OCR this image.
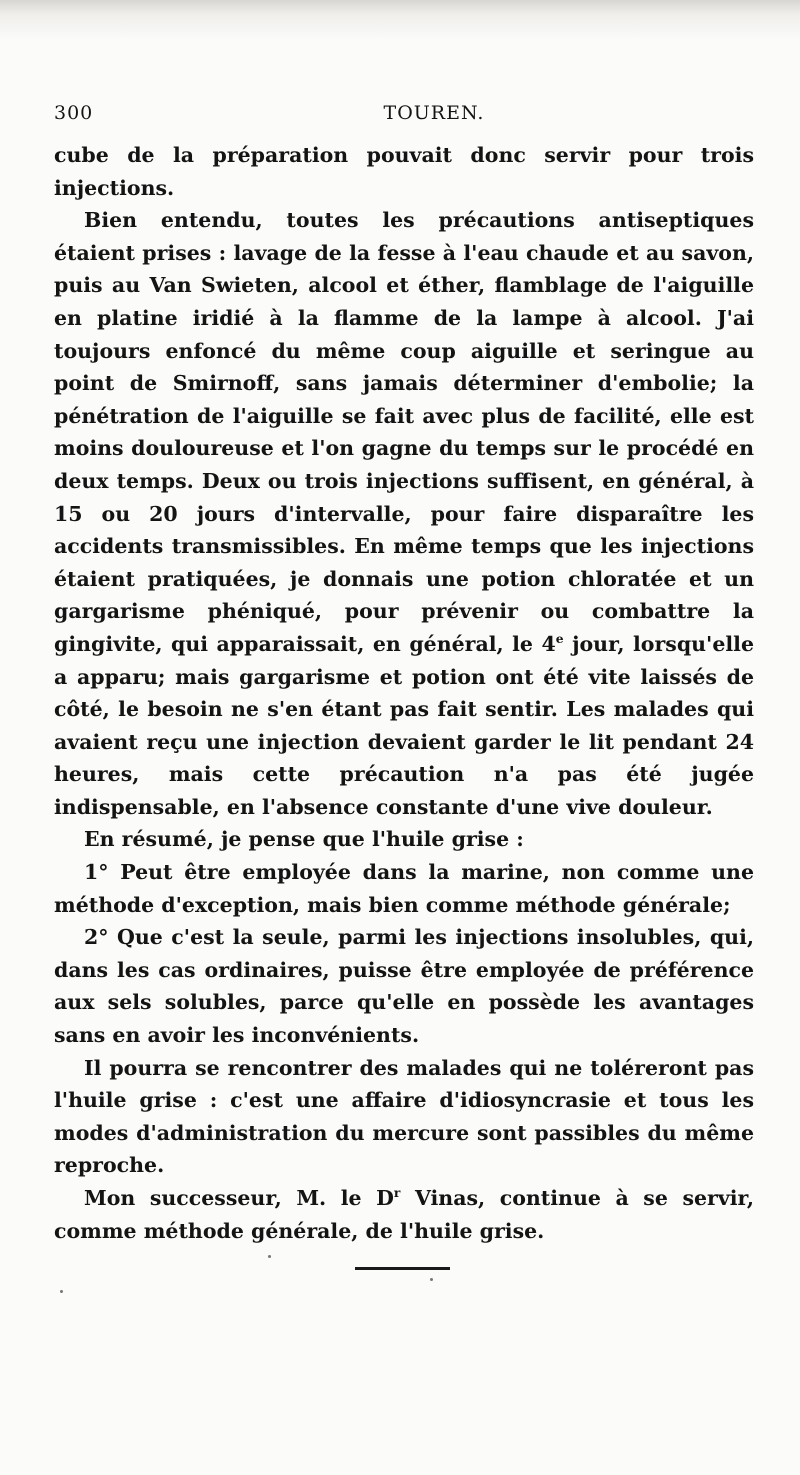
300	TOUREN.

cube de la préparation pouvait donc servir pour trois injections.

Bien entendu, toutes les précautions antiseptiques étaient prises : lavage de la fesse à l'eau chaude et au savon, puis au Van Swieten, alcool et éther, flamblage de l'aiguille en platine iridié à la flamme de la lampe à alcool. J'ai toujours enfoncé du même coup aiguille et seringue au point de Smirnoff, sans jamais déterminer d'embolie; la pénétration de l'aiguille se fait avec plus de facilité, elle est moins douloureuse et l'on gagne du temps sur le procédé en deux temps. Deux ou trois injections suffisent, en général, à 15 ou 20 jours d'intervalle, pour faire disparaître les accidents transmissibles. En même temps que les injections étaient pratiquées, je donnais une potion chloratée et un gargarisme phéniqué, pour prévenir ou combattre la gingivite, qui apparaissait, en général, le 4e jour, lorsqu'elle a apparu; mais gargarisme et potion ont été vite laissés de côté, le besoin ne s'en étant pas fait sentir. Les malades qui avaient reçu une injection devaient garder le lit pendant 24 heures, mais cette précaution n'a pas été jugée indispensable, en l'absence constante d'une vive douleur.

En résumé, je pense que l'huile grise :

1° Peut être employée dans la marine, non comme une méthode d'exception, mais bien comme méthode générale;

2° Que c'est la seule, parmi les injections insolubles, qui, dans les cas ordinaires, puisse être employée de préférence aux sels solubles, parce qu'elle en possède les avantages sans en avoir les inconvénients.

Il pourra se rencontrer des malades qui ne toléreront pas l'huile grise : c'est une affaire d'idiosyncrasie et tous les modes d'administration du mercure sont passibles du même reproche.

Mon successeur, M. le $D^r$ Vinas, continue à se servir, comme méthode générale, de l'huile grise.
